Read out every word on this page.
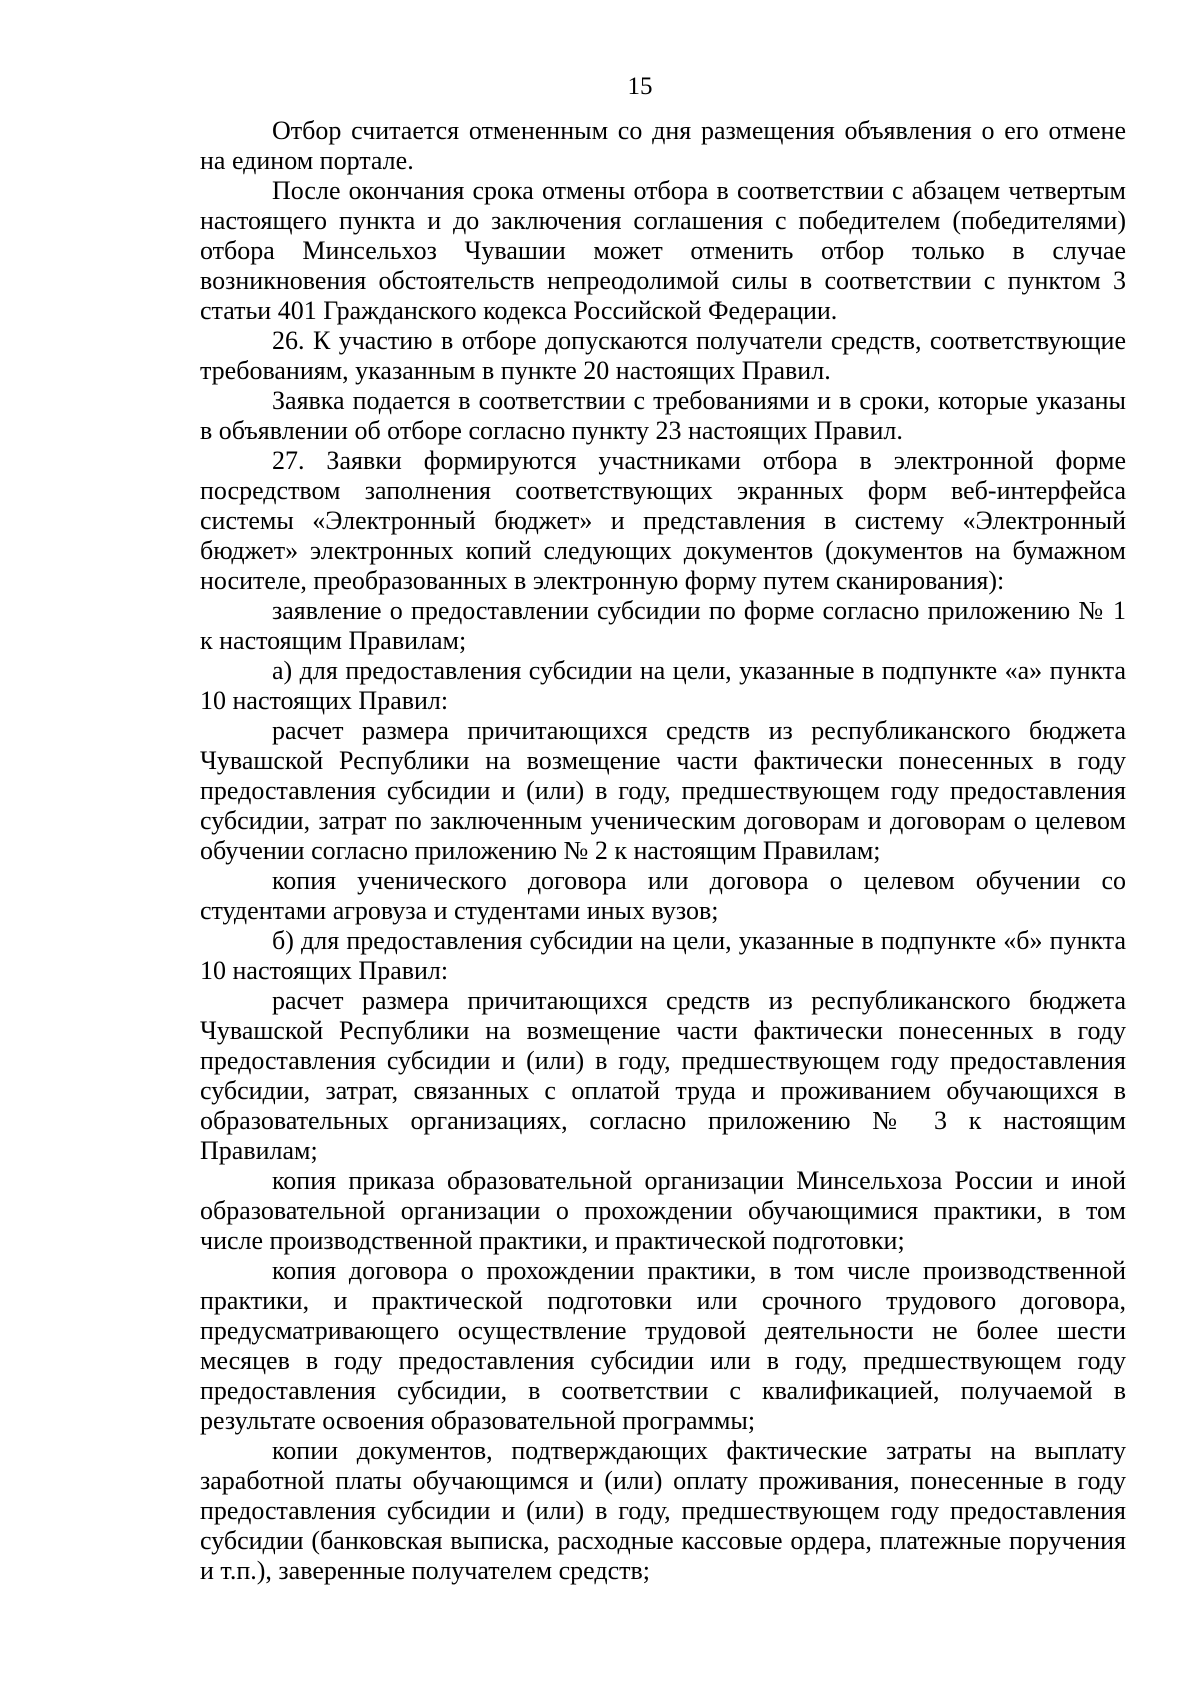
15

Отбор считается отмененным со дня размещения объявления о его отмене на едином портале.

После окончания срока отмены отбора в соответствии с абзацем четвертым настоящего пункта и до заключения соглашения с победителем (победителями) отбора Минсельхоз Чувашии может отменить отбор только в случае возникновения обстоятельств непреодолимой силы в соответствии с пунктом 3 статьи 401 Гражданского кодекса Российской Федерации.

26. К участию в отборе допускаются получатели средств, соответствующие требованиям, указанным в пункте 20 настоящих Правил.

Заявка подается в соответствии с требованиями и в сроки, которые указаны в объявлении об отборе согласно пункту 23 настоящих Правил.

27. Заявки формируются участниками отбора в электронной форме посредством заполнения соответствующих экранных форм веб-интерфейса системы «Электронный бюджет» и представления в систему «Электронный бюджет» электронных копий следующих документов (документов на бумажном носителе, преобразованных в электронную форму путем сканирования):

заявление о предоставлении субсидии по форме согласно приложению № 1 к настоящим Правилам;

а) для предоставления субсидии на цели, указанные в подпункте «а» пункта 10 настоящих Правил:

расчет размера причитающихся средств из республиканского бюджета Чувашской Республики на возмещение части фактически понесенных в году предоставления субсидии и (или) в году, предшествующем году предоставления субсидии, затрат по заключенным ученическим договорам и договорам о целевом обучении согласно приложению № 2 к настоящим Правилам;

копия ученического договора или договора о целевом обучении со студентами агровуза и студентами иных вузов;

б) для предоставления субсидии на цели, указанные в подпункте «б» пункта 10 настоящих Правил:

расчет размера причитающихся средств из республиканского бюджета Чувашской Республики на возмещение части фактически понесенных в году предоставления субсидии и (или) в году, предшествующем году предоставления субсидии, затрат, связанных с оплатой труда и проживанием обучающихся в образовательных организациях, согласно приложению № 3 к настоящим Правилам;

копия приказа образовательной организации Минсельхоза России и иной образовательной организации о прохождении обучающимися практики, в том числе производственной практики, и практической подготовки;

копия договора о прохождении практики, в том числе производственной практики, и практической подготовки или срочного трудового договора, предусматривающего осуществление трудовой деятельности не более шести месяцев в году предоставления субсидии или в году, предшествующем году предоставления субсидии, в соответствии с квалификацией, получаемой в результате освоения образовательной программы;

копии документов, подтверждающих фактические затраты на выплату заработной платы обучающимся и (или) оплату проживания, понесенные в году предоставления субсидии и (или) в году, предшествующем году предоставления субсидии (банковская выписка, расходные кассовые ордера, платежные поручения и т.п.), заверенные получателем средств;
